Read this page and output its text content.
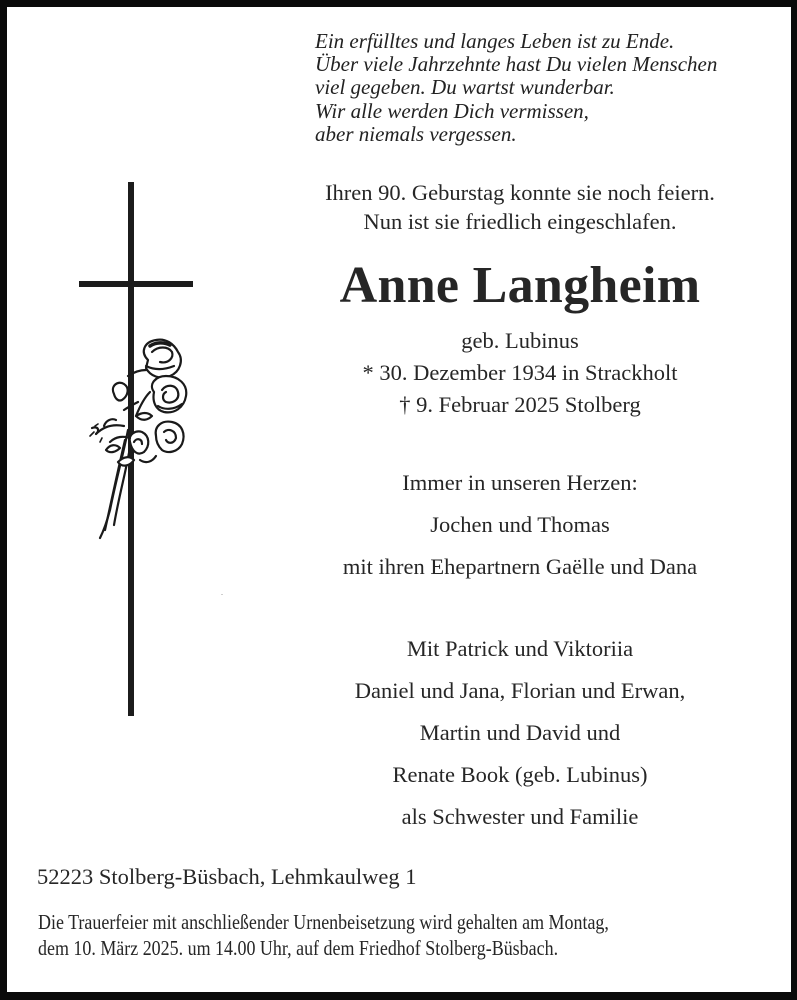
Ein erfülltes und langes Leben ist zu Ende.
Über viele Jahrzehnte hast Du vielen Menschen
viel gegeben. Du wartst wunderbar.
Wir alle werden Dich vermissen,
aber niemals vergessen.
Ihren 90. Geburstag konnte sie noch feiern.
Nun ist sie friedlich eingeschlafen.
Anne Langheim
geb. Lubinus
* 30. Dezember 1934 in Strackholt
† 9. Februar 2025 Stolberg
Immer in unseren Herzen:
Jochen und Thomas
mit ihren Ehepartnern Gaëlle und Dana
Mit Patrick und Viktoriia
Daniel und Jana, Florian und Erwan,
Martin und David und
Renate Book (geb. Lubinus)
als Schwester und Familie
52223 Stolberg-Büsbach, Lehmkaulweg 1
Die Trauerfeier mit anschließender Urnenbeisetzung wird gehalten am Montag,
dem 10. März 2025. um 14.00 Uhr, auf dem Friedhof Stolberg-Büsbach.
